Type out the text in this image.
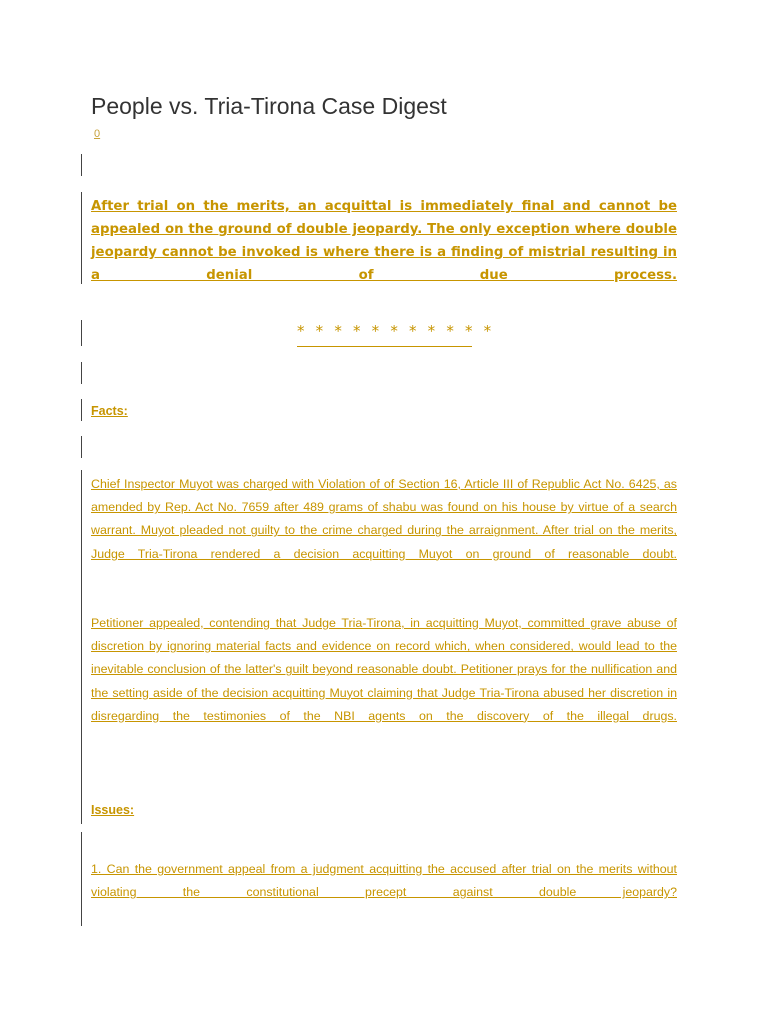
People vs. Tria-Tirona Case Digest
0

After trial on the merits, an acquittal is immediately final and cannot be appealed on the ground of double jeopardy. The only exception where double jeopardy cannot be invoked is where there is a finding of mistrial resulting in a denial of due process.

* * * * * * * * * * *

Facts:

Chief Inspector Muyot was charged with Violation of of Section 16, Article III of Republic Act No. 6425, as amended by Rep. Act No. 7659 after 489 grams of shabu was found on his house by virtue of a search warrant. Muyot pleaded not guilty to the crime charged during the arraignment. After trial on the merits, Judge Tria-Tirona rendered a decision acquitting Muyot on ground of reasonable doubt.

Petitioner appealed, contending that Judge Tria-Tirona, in acquitting Muyot, committed grave abuse of discretion by ignoring material facts and evidence on record which, when considered, would lead to the inevitable conclusion of the latter's guilt beyond reasonable doubt. Petitioner prays for the nullification and the setting aside of the decision acquitting Muyot claiming that Judge Tria-Tirona abused her discretion in disregarding the testimonies of the NBI agents on the discovery of the illegal drugs.

Issues:

1. Can the government appeal from a judgment acquitting the accused after trial on the merits without violating the constitutional precept against double jeopardy?
